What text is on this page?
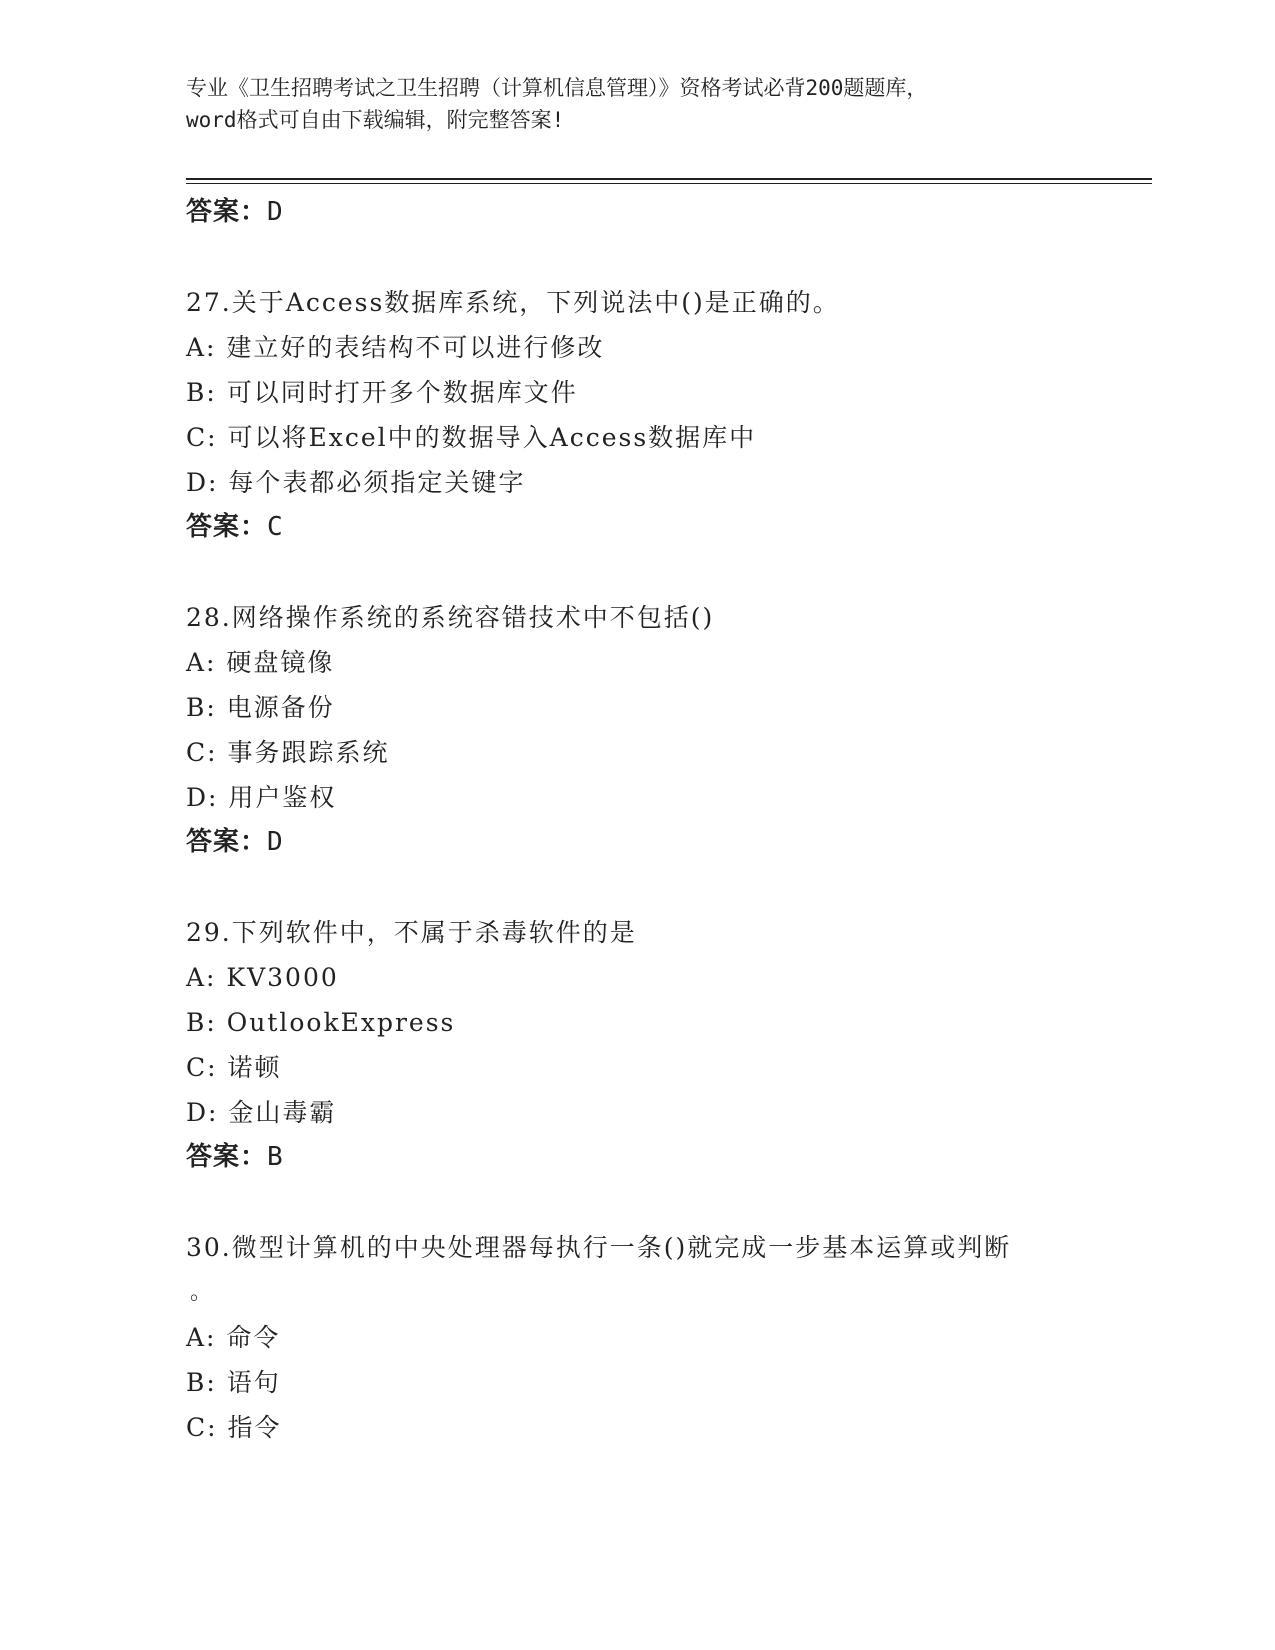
专业《卫生招聘考试之卫生招聘（计算机信息管理）》资格考试必背200题题库，
word格式可自由下载编辑，附完整答案!
答案：D
27.关于Access数据库系统，下列说法中()是正确的。
A: 建立好的表结构不可以进行修改
B: 可以同时打开多个数据库文件
C: 可以将Excel中的数据导入Access数据库中
D: 每个表都必须指定关键字
答案：C
28.网络操作系统的系统容错技术中不包括()
A: 硬盘镜像
B: 电源备份
C: 事务跟踪系统
D: 用户鉴权
答案：D
29.下列软件中，不属于杀毒软件的是
A: KV3000
B: OutlookExpress
C: 诺顿
D: 金山毒霸
答案：B
30.微型计算机的中央处理器每执行一条()就完成一步基本运算或判断
。
A: 命令
B: 语句
C: 指令
